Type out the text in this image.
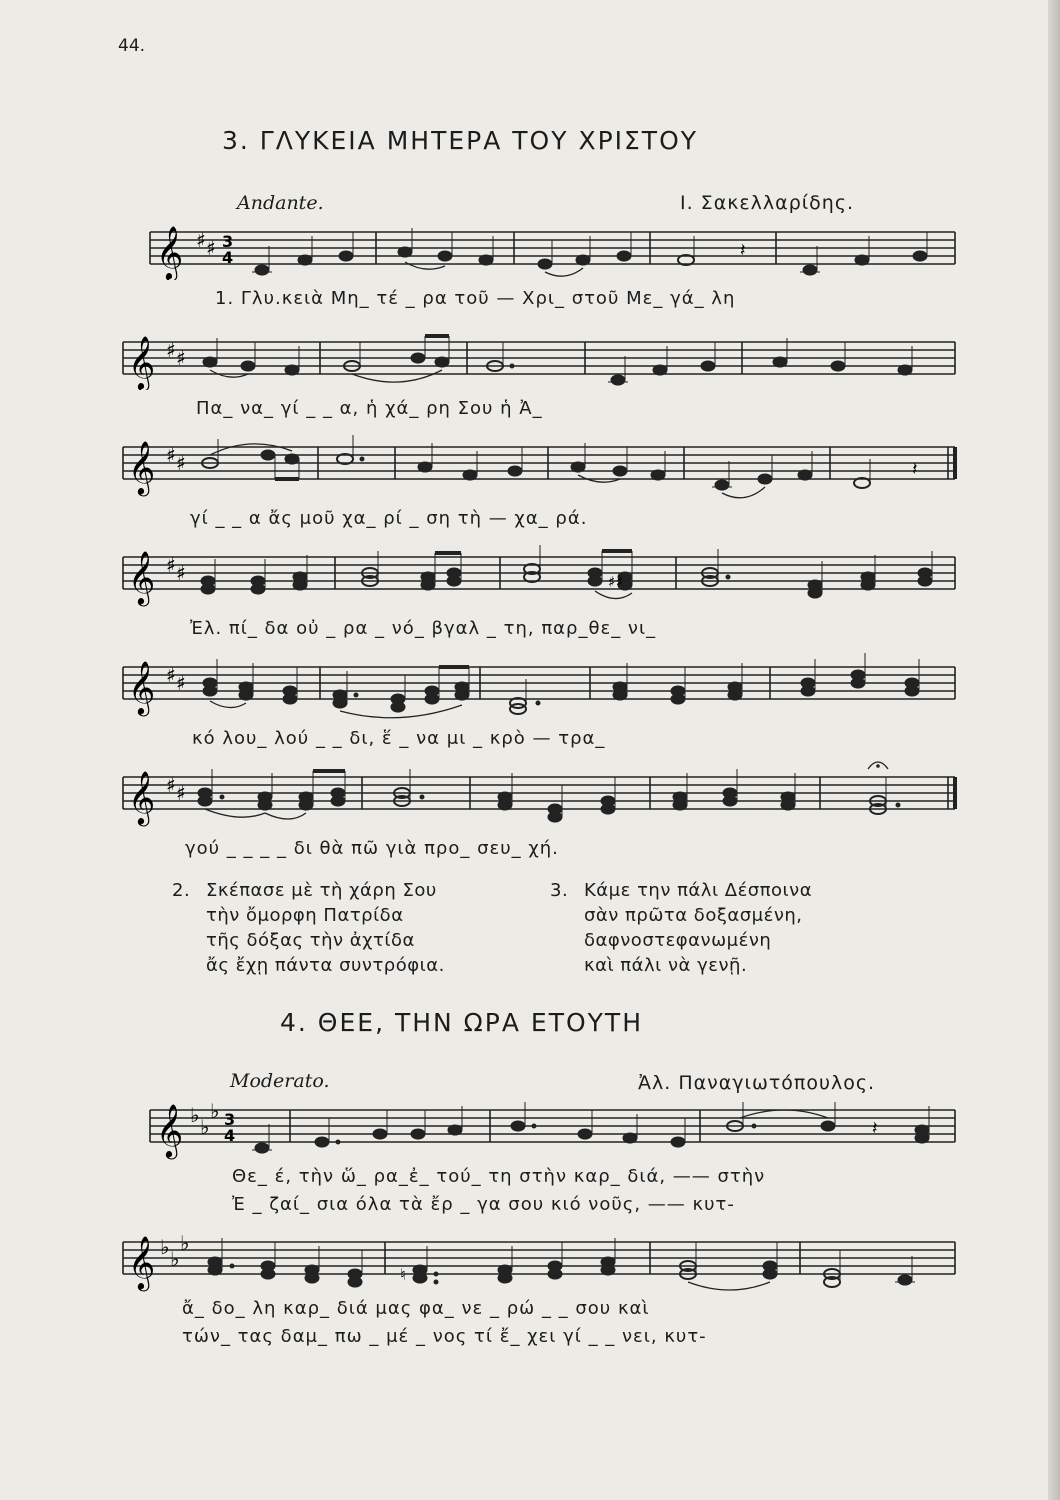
44.
3. ΓΛΥΚΕΙΑ ΜΗΤΕΡΑ ΤΟΥ ΧΡΙΣΤΟΥ
Andante.	Ι. Σακελλαρίδης.
𝄞 ♯ ♯ 3
4	𝄽
1. Γλυ.κειὰ Μη_ τέ _ ρα τοῦ — Χρι_ στοῦ Με_ γά_ λη
𝄞 ♯ ♯
Πα_ να_ γί _ _ α, ἡ χά_ ρη Σου ἡ Ἀ_
𝄞 ♯ ♯	𝄽
γί _ _ α ἄς μοῦ χα_ ρί _ ση τὴ — χα_ ρά.
𝄞 ♯ ♯	♯ ♯
Ἐλ. πί_ δα οὐ _ ρα _ νό_ βγαλ _ τη, παρ_θε_ νι_
𝄞 ♯ ♯
κό λου_ λού _ _ δι, ἕ _ να μι _ κρὸ — τρα_
𝄞 ♯ ♯
γού _ _ _ _ δι θὰ πῶ γιὰ προ_ σευ_ χή.
2. Σκέπασε μὲ τὴ χάρη Σου
τὴν ὄμορφη Πατρίδα
τῆς δόξας τὴν ἀχτίδα
ἄς ἔχῃ πάντα συντρόφια.
3. Κάμε την πάλι Δέσποινα
σὰν πρῶτα δοξασμένη,
δαφνοστεφανωμένη
καὶ πάλι νὰ γενῇ.
4. ΘΕΕ, ΤΗΝ ΩΡΑ ΕΤΟΥΤΗ
Moderato.	Ἀλ. Παναγιωτόπουλος.
𝄞 ♭ ♭
♭ 3
4	𝄽
Θε_ έ, τὴν ὥ_ ρα_ἐ_ τού_ τη στὴν καρ_ διά, —— στὴν
Ἐ _ ζαί_ σια όλα τὰ ἔρ _ γα σου κιό νοῦς, —— κυτ-
𝄞 ♭ ♭
♭
♮
ἄ_ δο_ λη καρ_ διά μας φα_ νε _ ρώ _ _ σου καὶ
τών_ τας δαμ_ πω _ μέ _ νος τί ἔ_ χει γί _ _ νει, κυτ-
